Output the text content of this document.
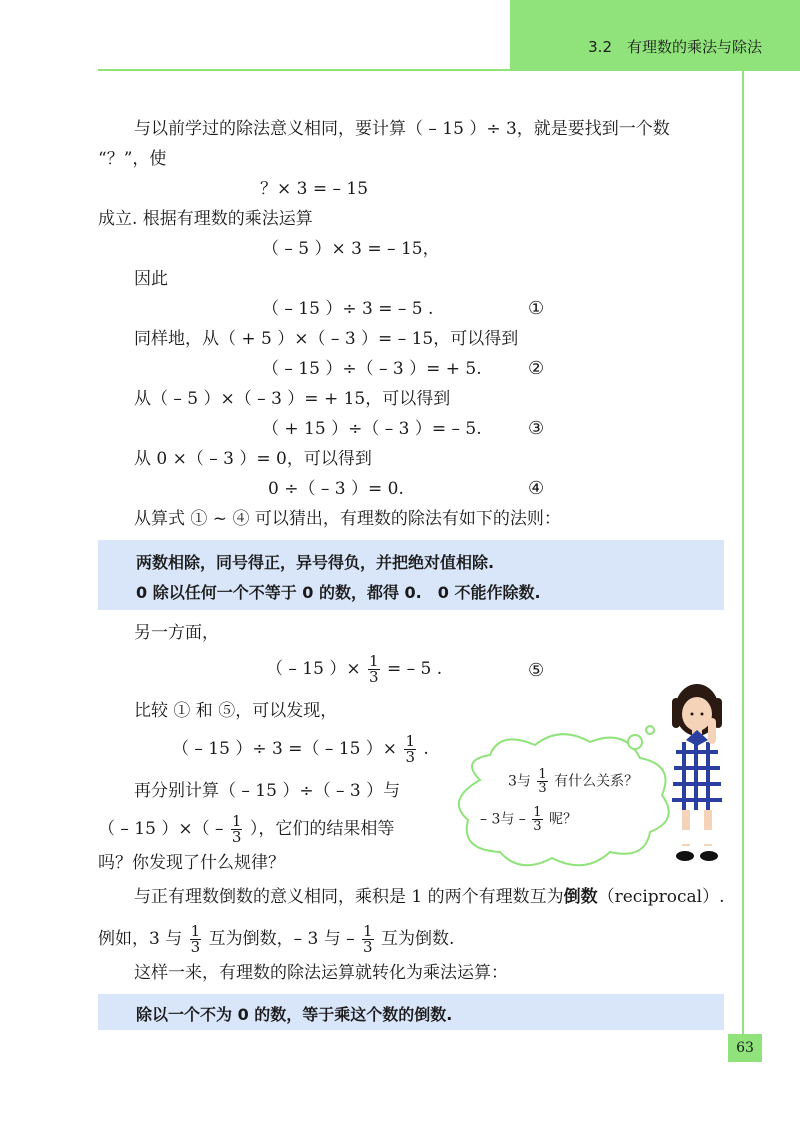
3.2　有理数的乘法与除法
与以前学过的除法意义相同，要计算（ – 15 ）÷ 3，就是要找到一个数
“？”，使
？× 3 = – 15
成立. 根据有理数的乘法运算
（ – 5 ）× 3 = – 15，
因此
（ – 15 ）÷ 3 = – 5 .	①
同样地，从（ + 5 ）×（ – 3 ）= – 15，可以得到
（ – 15 ）÷（ – 3 ）= + 5.	②
从（ – 5 ）×（ – 3 ）= + 15，可以得到
（ + 15 ）÷（ – 3 ）= – 5.	③
从 0 ×（ – 3 ）= 0，可以得到
0 ÷（ – 3 ）= 0.	④
从算式 ① ~ ④ 可以猜出，有理数的除法有如下的法则：
两数相除，同号得正，异号得负，并把绝对值相除.
0 除以任何一个不等于 0 的数，都得 0.　0 不能作除数.
另一方面，
（ – 15 ）× $\frac{1}{3}$ = – 5 .	⑤
比较 ① 和 ⑤，可以发现，
（ – 15 ）÷ 3 =（ – 15 ）× $\frac{1}{3}$ .
再分别计算（ – 15 ）÷（ – 3 ）与
（ – 15 ）×（ – $\frac{1}{3}$ ），它们的结果相等
吗？你发现了什么规律？
3与 $\frac{1}{3}$ 有什么关系？
– 3与 – $\frac{1}{3}$ 呢？
与正有理数倒数的意义相同，乘积是 1 的两个有理数互为倒数（reciprocal）.
例如，3 与 $\frac{1}{3}$ 互为倒数，– 3 与 – $\frac{1}{3}$ 互为倒数.
这样一来，有理数的除法运算就转化为乘法运算：
除以一个不为 0 的数，等于乘这个数的倒数.
63
